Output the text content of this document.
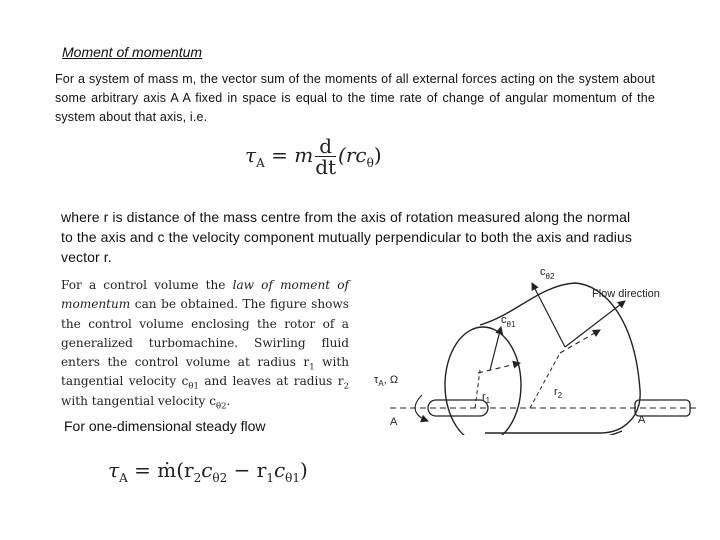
Moment of momentum
For a system of mass m, the vector sum of the moments of all external forces acting on the system about some arbitrary axis A A fixed in space is equal to the time rate of change of angular momentum of the system about that axis, i.e.
$\tau_A = m \frac{d}{dt} (rc_\theta)$
where r is distance of the mass centre from the axis of rotation measured along the normal to the axis and c the velocity component mutually perpendicular to both the axis and radius vector r.
For a control volume the law of moment of momentum can be obtained. The figure shows the control volume enclosing the rotor of a generalized turbomachine. Swirling fluid enters the control volume at radius $r_1$ with tangential velocity $c_{\theta 1}$ and leaves at radius $r_2$ with tangential velocity $c_{\theta 2}$.
For one-dimensional steady flow
$\tau_A$ = $ṁ(r_2c_{\theta 2} - r_1c_{\theta 1})$
$c_{\theta 2}$
Flow direction
$c_{\theta 1}$
$\tau_A$, Ω
$r_1$
$r_2$
A	A
